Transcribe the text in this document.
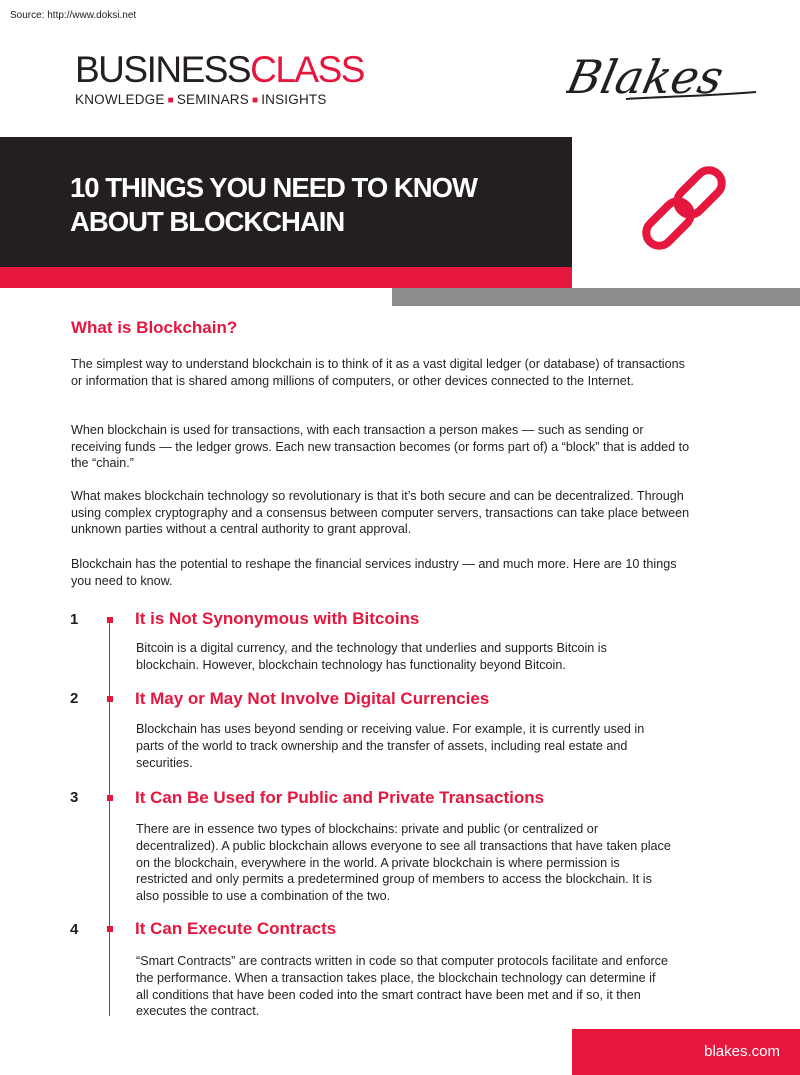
Source: http://www.doksi.net
BUSINESSCLASS
KNOWLEDGE ■ SEMINARS ■ INSIGHTS	Blakes
10 THINGS YOU NEED TO KNOW
ABOUT BLOCKCHAIN
What is Blockchain?
The simplest way to understand blockchain is to think of it as a vast digital ledger (or database) of transactions or information that is shared among millions of computers, or other devices connected to the Internet.
When blockchain is used for transactions, with each transaction a person makes — such as sending or receiving funds — the ledger grows. Each new transaction becomes (or forms part of) a “block” that is added to the “chain.”
What makes blockchain technology so revolutionary is that it’s both secure and can be decentralized. Through using complex cryptography and a consensus between computer servers, transactions can take place between unknown parties without a central authority to grant approval.
Blockchain has the potential to reshape the financial services industry — and much more. Here are 10 things you need to know.
1	It is Not Synonymous with Bitcoins
Bitcoin is a digital currency, and the technology that underlies and supports Bitcoin is blockchain. However, blockchain technology has functionality beyond Bitcoin.
2	It May or May Not Involve Digital Currencies
Blockchain has uses beyond sending or receiving value. For example, it is currently used in parts of the world to track ownership and the transfer of assets, including real estate and securities.
3	It Can Be Used for Public and Private Transactions
There are in essence two types of blockchains: private and public (or centralized or decentralized). A public blockchain allows everyone to see all transactions that have taken place on the blockchain, everywhere in the world. A private blockchain is where permission is restricted and only permits a predetermined group of members to access the blockchain. It is also possible to use a combination of the two.
4	It Can Execute Contracts
“Smart Contracts” are contracts written in code so that computer protocols facilitate and enforce the performance. When a transaction takes place, the blockchain technology can determine if all conditions that have been coded into the smart contract have been met and if so, it then executes the contract.
blakes.com
